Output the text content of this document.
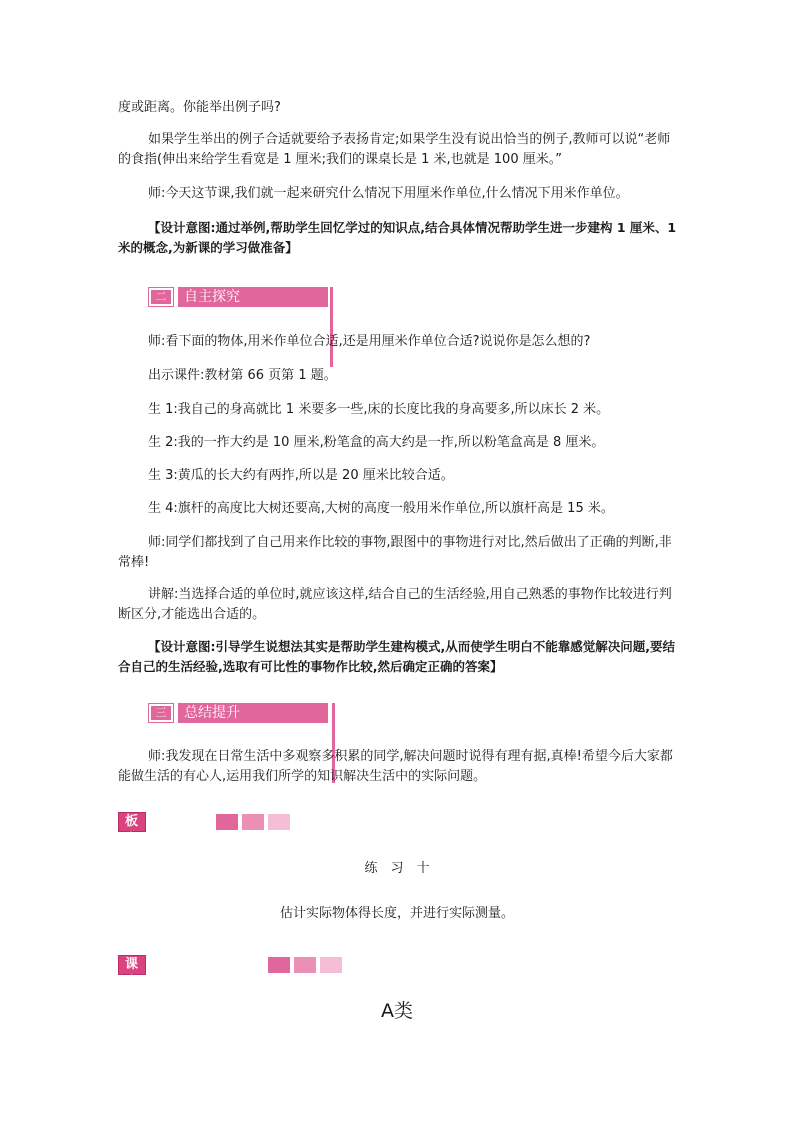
度或距离。你能举出例子吗?

如果学生举出的例子合适就要给予表扬肯定;如果学生没有说出恰当的例子,教师可以说“老师的食指(伸出来给学生看宽是 1 厘米;我们的课桌长是 1 米,也就是 100 厘米。”

师:今天这节课,我们就一起来研究什么情况下用厘米作单位,什么情况下用米作单位。

【设计意图:通过举例,帮助学生回忆学过的知识点,结合具体情况帮助学生进一步建构 1 厘米、1 米的概念,为新课的学习做准备】

二	自主探究

师:看下面的物体,用米作单位合适,还是用厘米作单位合适?说说你是怎么想的?

出示课件:教材第 66 页第 1 题。

生 1:我自己的身高就比 1 米要多一些,床的长度比我的身高要多,所以床长 2 米。

生 2:我的一拃大约是 10 厘米,粉笔盒的高大约是一拃,所以粉笔盒高是 8 厘米。

生 3:黄瓜的长大约有两拃,所以是 20 厘米比较合适。

生 4:旗杆的高度比大树还要高,大树的高度一般用米作单位,所以旗杆高是 15 米。

师:同学们都找到了自己用来作比较的事物,跟图中的事物进行对比,然后做出了正确的判断,非常棒!

讲解:当选择合适的单位时,就应该这样,结合自己的生活经验,用自己熟悉的事物作比较进行判断区分,才能选出合适的。

【设计意图:引导学生说想法其实是帮助学生建构模式,从而使学生明白不能靠感觉解决问题,要结合自己的生活经验,选取有可比性的事物作比较,然后确定正确的答案】

三	总结提升

师:我发现在日常生活中多观察多积累的同学,解决问题时说得有理有据,真棒!希望今后大家都能做生活的有心人,运用我们所学的知识解决生活中的实际问题。

板书设计	练　习　十

估计实际物体得长度，并进行实际测量。

课堂作业新设计

A类
